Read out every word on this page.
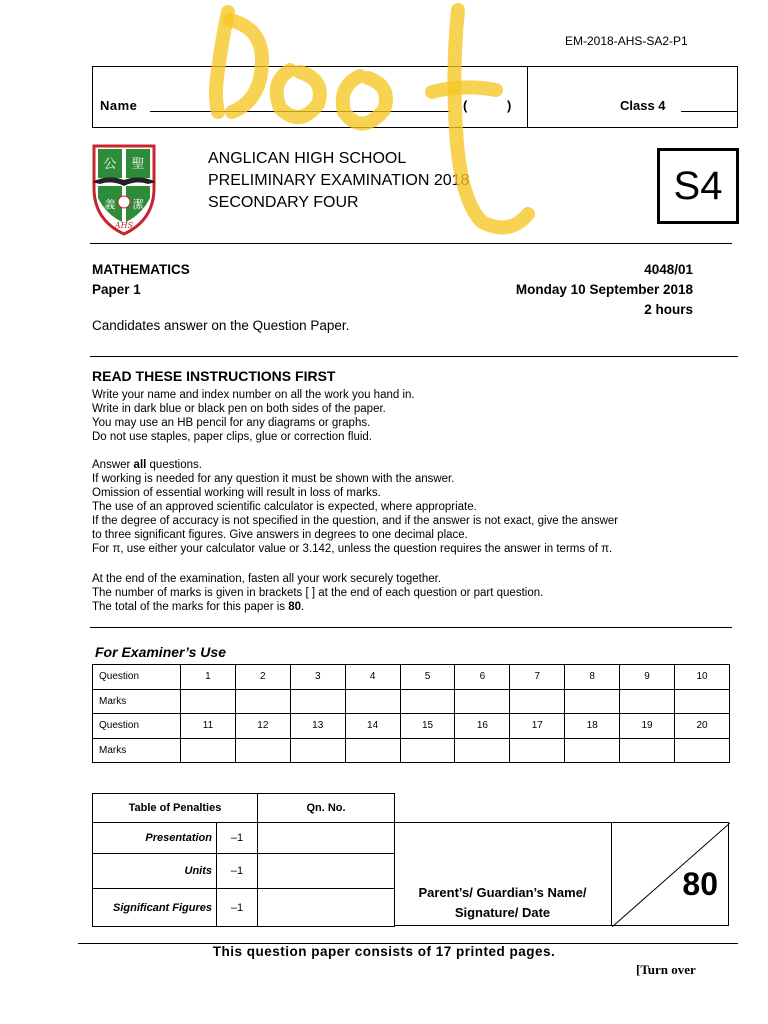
EM-2018-AHS-SA2-P1
Name	(	)	Class 4
公 聖
義 潔
AHS
ANGLICAN HIGH SCHOOL
PRELIMINARY EXAMINATION 2018
SECONDARY FOUR	S4
MATHEMATICS
Paper 1
4048/01
Monday 10 September 2018
2 hours
Candidates answer on the Question Paper.
READ THESE INSTRUCTIONS FIRST
Write your name and index number on all the work you hand in.
Write in dark blue or black pen on both sides of the paper.
You may use an HB pencil for any diagrams or graphs.
Do not use staples, paper clips, glue or correction fluid.
Answer all questions.
If working is needed for any question it must be shown with the answer.
Omission of essential working will result in loss of marks.
The use of an approved scientific calculator is expected, where appropriate.
If the degree of accuracy is not specified in the question, and if the answer is not exact, give the answer
to three significant figures. Give answers in degrees to one decimal place.
For π, use either your calculator value or 3.142, unless the question requires the answer in terms of π.
At the end of the examination, fasten all your work securely together.
The number of marks is given in brackets [ ] at the end of each question or part question.
The total of the marks for this paper is 80.
For Examiner’s Use
Question	1	2	3	4	5	6	7	8	9	10
Marks										
Question	11	12	13	14	15	16	17	18	19	20
Marks										
Table of Penalties		Qn. No.
Presentation	–1	
Units	–1	
Significant Figures	–1	
Parent’s/ Guardian’s Name/
Signature/ Date
80
This question paper consists of 17 printed pages.
[Turn over
